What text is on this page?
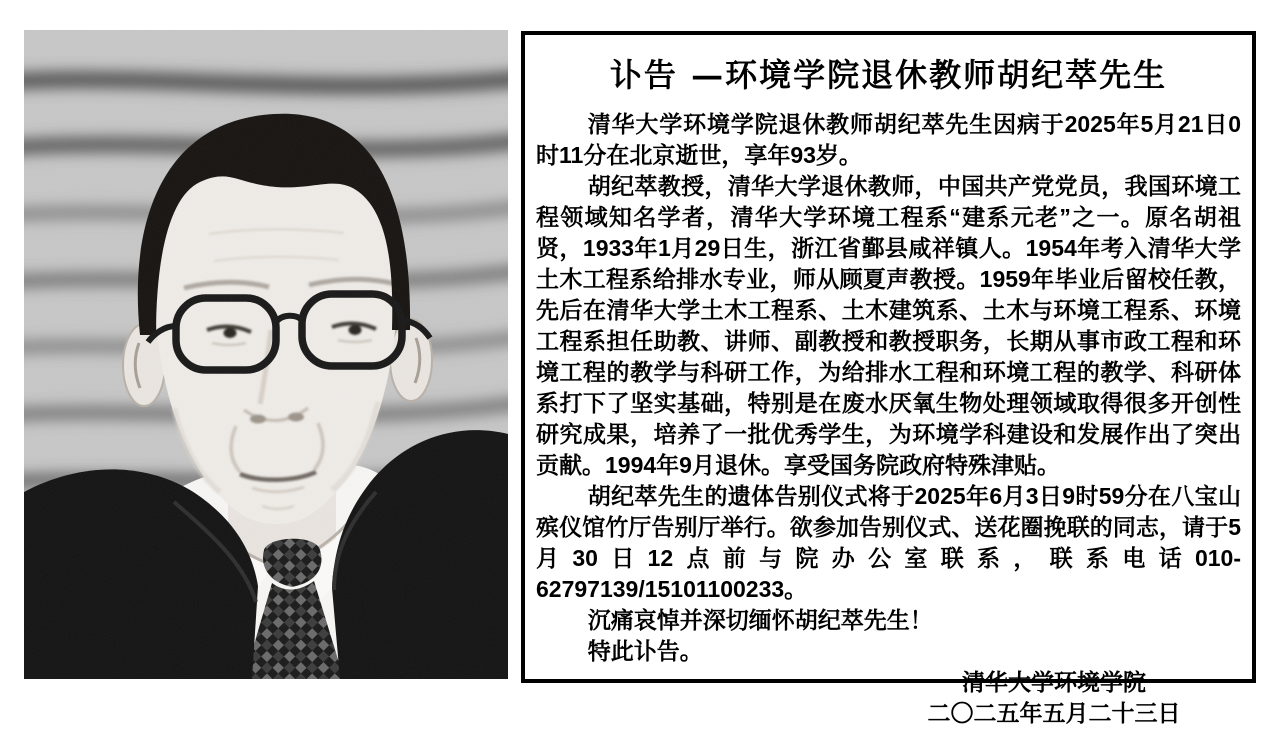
讣告 —环境学院退休教师胡纪萃先生

清华大学环境学院退休教师胡纪萃先生因病于2025年5月21日0时11分在北京逝世，享年93岁。

胡纪萃教授，清华大学退休教师，中国共产党党员，我国环境工程领域知名学者，清华大学环境工程系“建系元老”之一。原名胡祖贤，1933年1月29日生，浙江省鄞县咸祥镇人。1954年考入清华大学土木工程系给排水专业，师从顾夏声教授。1959年毕业后留校任教，先后在清华大学土木工程系、土木建筑系、土木与环境工程系、环境工程系担任助教、讲师、副教授和教授职务，长期从事市政工程和环境工程的教学与科研工作，为给排水工程和环境工程的教学、科研体系打下了坚实基础，特别是在废水厌氧生物处理领域取得很多开创性研究成果，培养了一批优秀学生，为环境学科建设和发展作出了突出贡献。1994年9月退休。享受国务院政府特殊津贴。

胡纪萃先生的遗体告别仪式将于2025年6月3日9时59分在八宝山殡仪馆竹厅告别厅举行。欲参加告别仪式、送花圈挽联的同志，请于5月30日12点前与院办公室联系，联系电话010-62797139/15101100233。

沉痛哀悼并深切缅怀胡纪萃先生！

特此讣告。

清华大学环境学院
二〇二五年五月二十三日
